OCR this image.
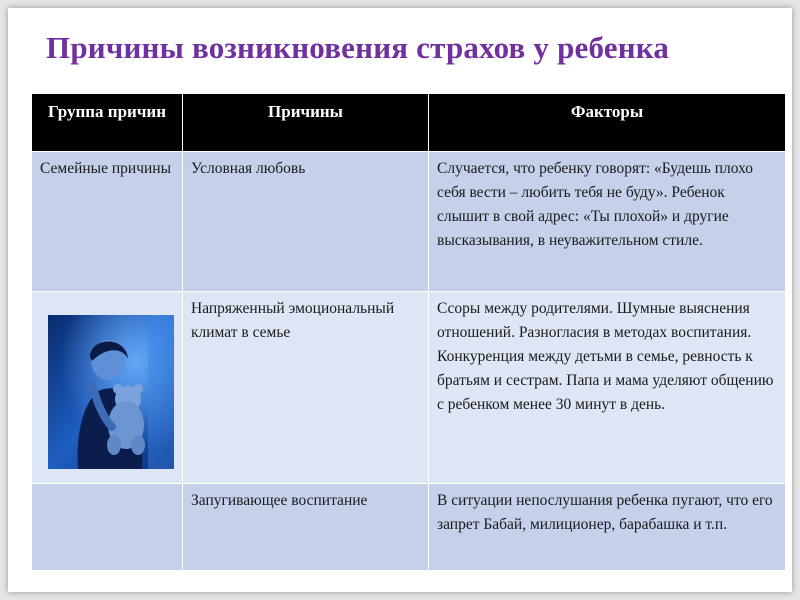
Причины возникновения страхов у ребенка
Группа причин	Причины	Факторы
Семейные причины	Условная любовь	Случается, что ребенку говорят: «Будешь плохо себя вести – любить тебя не буду». Ребенок слышит в свой адрес: «Ты плохой» и другие высказывания, в неуважительном стиле.

	Напряженный эмоциональный климат в семье	Ссоры между родителями. Шумные выяснения отношений. Разногласия в методах воспитания. Конкуренция между детьми в семье, ревность к братьям и сестрам. Папа и мама уделяют общению с ребенком менее 30 минут в день.
	Запугивающее воспитание	В ситуации непослушания ребенка пугают, что его запрет Бабай, милиционер, барабашка и т.п.
